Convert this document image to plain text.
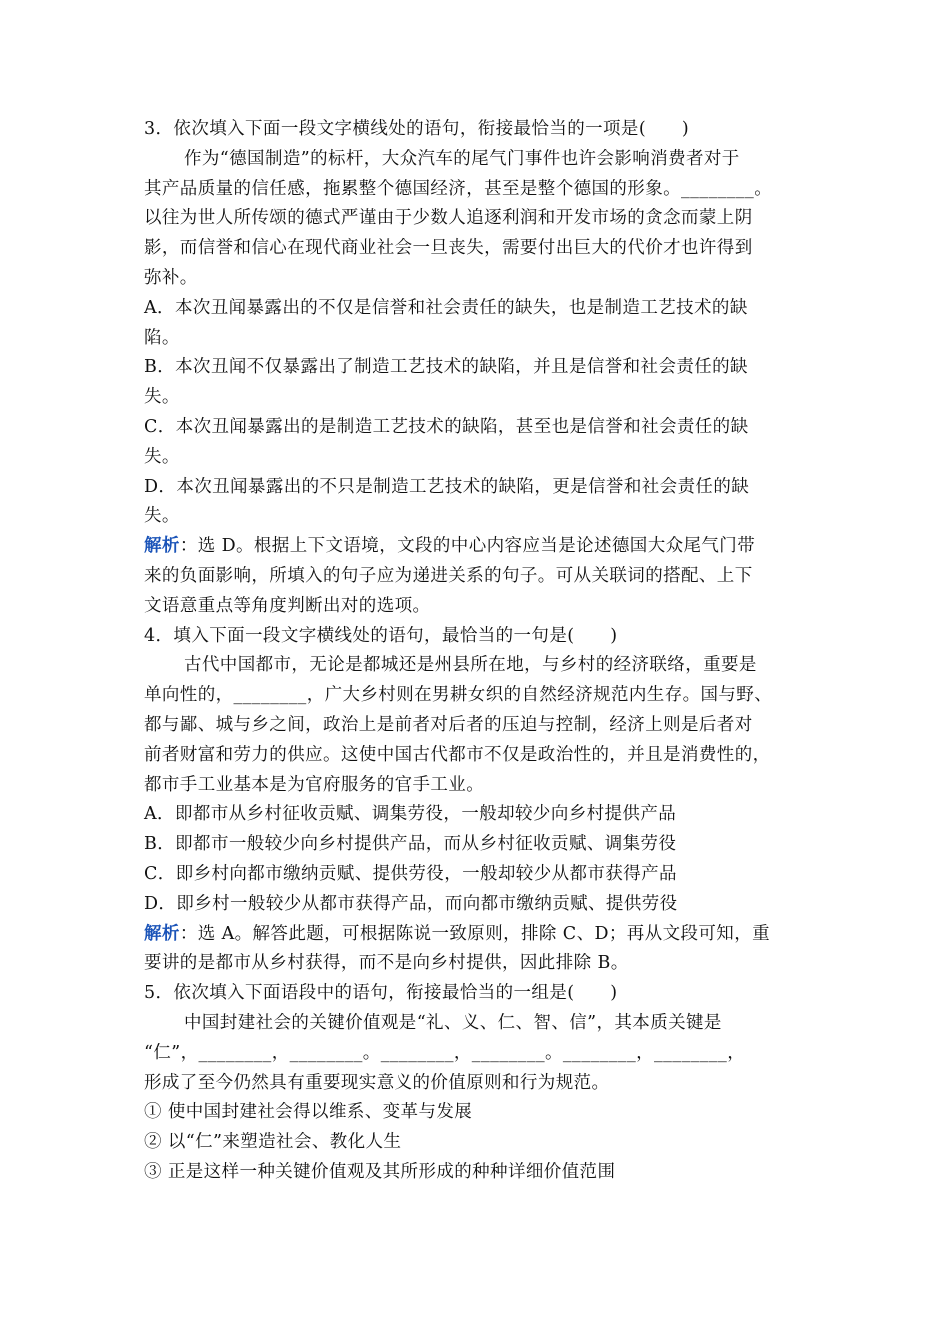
3．依次填入下面一段文字横线处的语句，衔接最恰当的一项是(　　)
作为“德国制造”的标杆，大众汽车的尾气门事件也许会影响消费者对于
其产品质量的信任感，拖累整个德国经济，甚至是整个德国的形象。________。
以往为世人所传颂的德式严谨由于少数人追逐利润和开发市场的贪念而蒙上阴
影，而信誉和信心在现代商业社会一旦丧失，需要付出巨大的代价才也许得到
弥补。
A．本次丑闻暴露出的不仅是信誉和社会责任的缺失，也是制造工艺技术的缺
陷。
B．本次丑闻不仅暴露出了制造工艺技术的缺陷，并且是信誉和社会责任的缺
失。
C．本次丑闻暴露出的是制造工艺技术的缺陷，甚至也是信誉和社会责任的缺
失。
D．本次丑闻暴露出的不只是制造工艺技术的缺陷，更是信誉和社会责任的缺
失。
解析：选 D。根据上下文语境，文段的中心内容应当是论述德国大众尾气门带
来的负面影响，所填入的句子应为递进关系的句子。可从关联词的搭配、上下
文语意重点等角度判断出对的选项。
4．填入下面一段文字横线处的语句，最恰当的一句是(　　)
古代中国都市，无论是都城还是州县所在地，与乡村的经济联络，重要是
单向性的，________，广大乡村则在男耕女织的自然经济规范内生存。国与野、
都与鄙、城与乡之间，政治上是前者对后者的压迫与控制，经济上则是后者对
前者财富和劳力的供应。这使中国古代都市不仅是政治性的，并且是消费性的，
都市手工业基本是为官府服务的官手工业。
A．即都市从乡村征收贡赋、调集劳役，一般却较少向乡村提供产品
B．即都市一般较少向乡村提供产品，而从乡村征收贡赋、调集劳役
C．即乡村向都市缴纳贡赋、提供劳役，一般却较少从都市获得产品
D．即乡村一般较少从都市获得产品，而向都市缴纳贡赋、提供劳役
解析：选 A。解答此题，可根据陈说一致原则，排除 C、D；再从文段可知，重
要讲的是都市从乡村获得，而不是向乡村提供，因此排除 B。
5．依次填入下面语段中的语句，衔接最恰当的一组是(　　)
中国封建社会的关键价值观是“礼、义、仁、智、信”，其本质关键是
“仁”，________，________。________，________。________，________，
形成了至今仍然具有重要现实意义的价值原则和行为规范。
① 使中国封建社会得以维系、变革与发展
② 以“仁”来塑造社会、教化人生
③ 正是这样一种关键价值观及其所形成的种种详细价值范围
